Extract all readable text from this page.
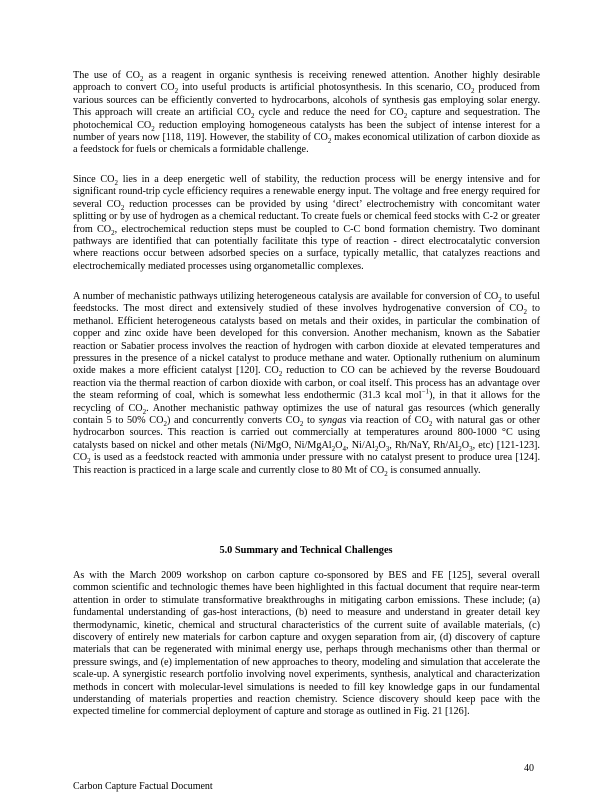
The use of $CO_2$ as a reagent in organic synthesis is receiving renewed attention. Another highly desirable approach to convert $CO_2$ into useful products is artificial photosynthesis. In this scenario, $CO_2$ produced from various sources can be efficiently converted to hydrocarbons, alcohols of synthesis gas employing solar energy. This approach will create an artificial $CO_2$ cycle and reduce the need for $CO_2$ capture and sequestration. The photochemical $CO_2$ reduction employing homogeneous catalysts has been the subject of intense interest for a number of years now [118, 119]. However, the stability of $CO_2$ makes economical utilization of carbon dioxide as a feedstock for fuels or chemicals a formidable challenge.

Since $CO_2$ lies in a deep energetic well of stability, the reduction process will be energy intensive and for significant round-trip cycle efficiency requires a renewable energy input. The voltage and free energy required for several $CO_2$ reduction processes can be provided by using ‘direct’ electrochemistry with concomitant water splitting or by use of hydrogen as a chemical reductant. To create fuels or chemical feed stocks with C-2 or greater from $CO_2$, electrochemical reduction steps must be coupled to C-C bond formation chemistry. Two dominant pathways are identified that can potentially facilitate this type of reaction - direct electrocatalytic conversion where reactions occur between adsorbed species on a surface, typically metallic, that catalyzes reactions and electrochemically mediated processes using organometallic complexes.

A number of mechanistic pathways utilizing heterogeneous catalysis are available for conversion of $CO_2$ to useful feedstocks. The most direct and extensively studied of these involves hydrogenative conversion of $CO_2$ to methanol. Efficient heterogeneous catalysts based on metals and their oxides, in particular the combination of copper and zinc oxide have been developed for this conversion. Another mechanism, known as the Sabatier reaction or Sabatier process involves the reaction of hydrogen with carbon dioxide at elevated temperatures and pressures in the presence of a nickel catalyst to produce methane and water. Optionally ruthenium on aluminum oxide makes a more efficient catalyst [120]. $CO_2$ reduction to CO can be achieved by the reverse Boudouard reaction via the thermal reaction of carbon dioxide with carbon, or coal itself. This process has an advantage over the steam reforming of coal, which is somewhat less endothermic (31.3 kcal mol$^{-1}$), in that it allows for the recycling of $CO_2$. Another mechanistic pathway optimizes the use of natural gas resources (which generally contain 5 to 50% $CO_2$) and concurrently converts $CO_2$ to syngas via reaction of $CO_2$ with natural gas or other hydrocarbon sources. This reaction is carried out commercially at temperatures around 800-1000 °C using catalysts based on nickel and other metals (Ni/MgO, $Ni/MgAl_2O_4$, $Ni/Al_2O_3$, Rh/NaY, $Rh/Al_2O_3$, etc) [121-123]. $CO_2$ is used as a feedstock reacted with ammonia under pressure with no catalyst present to produce urea [124]. This reaction is practiced in a large scale and currently close to 80 Mt of $CO_2$ is consumed annually.

5.0 Summary and Technical Challenges

As with the March 2009 workshop on carbon capture co-sponsored by BES and FE [125], several overall common scientific and technologic themes have been highlighted in this factual document that require near-term attention in order to stimulate transformative breakthroughs in mitigating carbon emissions. These include; (a) fundamental understanding of gas-host interactions, (b) need to measure and understand in greater detail key thermodynamic, kinetic, chemical and structural characteristics of the current suite of available materials, (c) discovery of entirely new materials for carbon capture and oxygen separation from air, (d) discovery of capture materials that can be regenerated with minimal energy use, perhaps through mechanisms other than thermal or pressure swings, and (e) implementation of new approaches to theory, modeling and simulation that accelerate the scale-up. A synergistic research portfolio involving novel experiments, synthesis, analytical and characterization methods in concert with molecular-level simulations is needed to fill key knowledge gaps in our fundamental understanding of materials properties and reaction chemistry. Science discovery should keep pace with the expected timeline for commercial deployment of capture and storage as outlined in Fig. 21 [126].

40
Carbon Capture Factual Document
